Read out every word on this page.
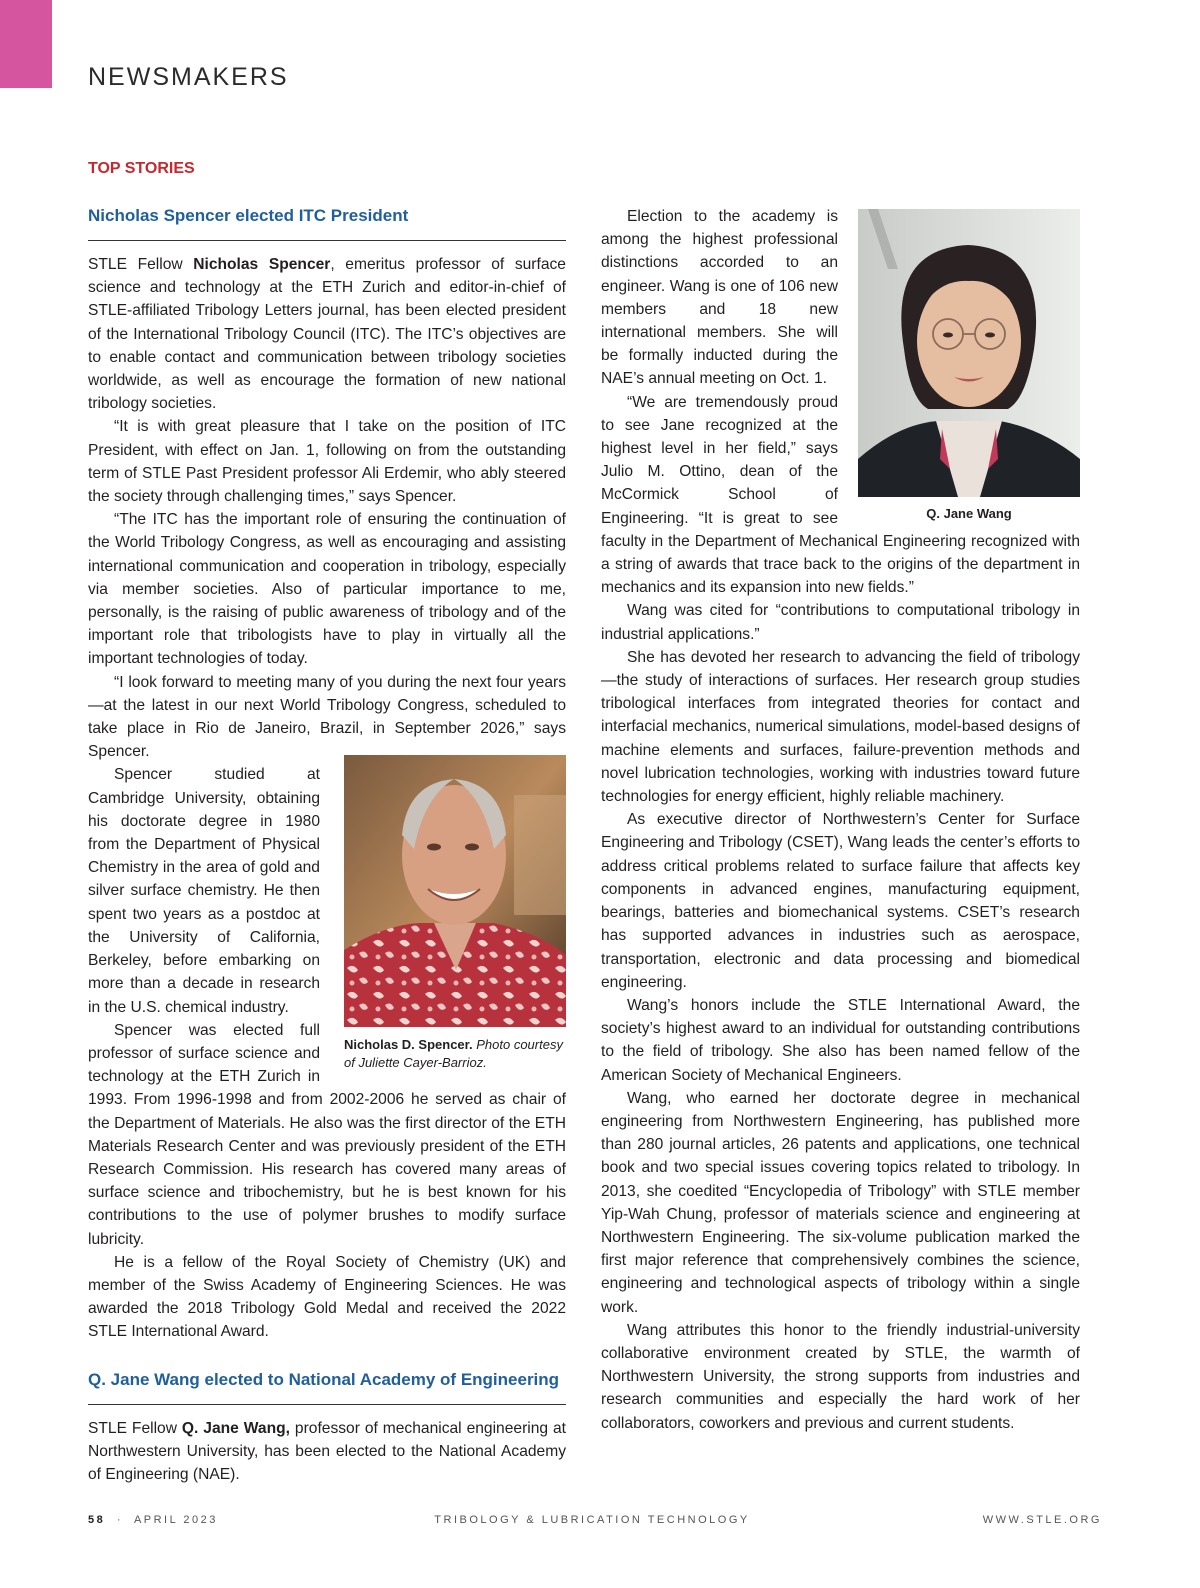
NEWSMAKERS
TOP STORIES
Nicholas Spencer elected ITC President

STLE Fellow Nicholas Spencer, emeritus professor of surface science and technology at the ETH Zurich and editor-in-chief of STLE-affiliated Tribology Letters journal, has been elected president of the International Tribology Council (ITC). The ITC’s objectives are to enable contact and communication between tribology societies worldwide, as well as encourage the formation of new national tribology societies.

“It is with great pleasure that I take on the position of ITC President, with effect on Jan. 1, following on from the outstanding term of STLE Past President professor Ali Erdemir, who ably steered the society through challenging times,” says Spencer.

“The ITC has the important role of ensuring the continuation of the World Tribology Congress, as well as encouraging and assisting international communication and cooperation in tribology, especially via member societies. Also of particular importance to me, personally, is the raising of public awareness of tribology and of the important role that tribologists have to play in virtually all the important technologies of today.

“I look forward to meeting many of you during the next four years—at the latest in our next World Tribology Congress, scheduled to take place in Rio de Janeiro, Brazil, in September 2026,” says Spencer.

Spencer studied at Cambridge University, obtaining his doctorate degree in 1980 from the Department of Physical Chemistry in the area of gold and silver surface chemistry. He then spent two years as a postdoc at the University of California, Berkeley, before embarking on more than a decade in research in the U.S. chemical industry.

Spencer was elected full professor of surface science and technology at the ETH Zurich in 1993. From 1996-1998 and from 2002-2006 he served as chair of the Department of Materials. He also was the first director of the ETH Materials Research Center and was previously president of the ETH Research Commission. His research has covered many areas of surface science and tribochemistry, but he is best known for his contributions to the use of polymer brushes to modify surface lubricity.

He is a fellow of the Royal Society of Chemistry (UK) and member of the Swiss Academy of Engineering Sciences. He was awarded the 2018 Tribology Gold Medal and received the 2022 STLE International Award.

Q. Jane Wang elected to National Academy of Engineering

STLE Fellow Q. Jane Wang, professor of mechanical engineering at Northwestern University, has been elected to the National Academy of Engineering (NAE).

Nicholas D. Spencer. Photo courtesy of Juliette Cayer-Barrioz.

Election to the academy is among the highest professional distinctions accorded to an engineer. Wang is one of 106 new members and 18 new international members. She will be formally inducted during the NAE’s annual meeting on Oct. 1.

“We are tremendously proud to see Jane recognized at the highest level in her field,” says Julio M. Ottino, dean of the McCormick School of Engineering. “It is great to see faculty in the Department of Mechanical Engineering recognized with a string of awards that trace back to the origins of the department in mechanics and its expansion into new fields.”

Wang was cited for “contributions to computational tribology in industrial applications.”

She has devoted her research to advancing the field of tribology—the study of interactions of surfaces. Her research group studies tribological interfaces from integrated theories for contact and interfacial mechanics, numerical simulations, model-based designs of machine elements and surfaces, failure-prevention methods and novel lubrication technologies, working with industries toward future technologies for energy efficient, highly reliable machinery.

As executive director of Northwestern’s Center for Surface Engineering and Tribology (CSET), Wang leads the center’s efforts to address critical problems related to surface failure that affects key components in advanced engines, manufacturing equipment, bearings, batteries and biomechanical systems. CSET’s research has supported advances in industries such as aerospace, transportation, electronic and data processing and biomedical engineering.

Wang’s honors include the STLE International Award, the society’s highest award to an individual for outstanding contributions to the field of tribology. She also has been named fellow of the American Society of Mechanical Engineers.

Wang, who earned her doctorate degree in mechanical engineering from Northwestern Engineering, has published more than 280 journal articles, 26 patents and applications, one technical book and two special issues covering topics related to tribology. In 2013, she coedited “Encyclopedia of Tribology” with STLE member Yip-Wah Chung, professor of materials science and engineering at Northwestern Engineering. The six-volume publication marked the first major reference that comprehensively combines the science, engineering and technological aspects of tribology within a single work.

Wang attributes this honor to the friendly industrial-university collaborative environment created by STLE, the warmth of Northwestern University, the strong supports from industries and research communities and especially the hard work of her collaborators, coworkers and previous and current students.

Q. Jane Wang
58 · APRIL 2023	TRIBOLOGY & LUBRICATION TECHNOLOGY	WWW.STLE.ORG
